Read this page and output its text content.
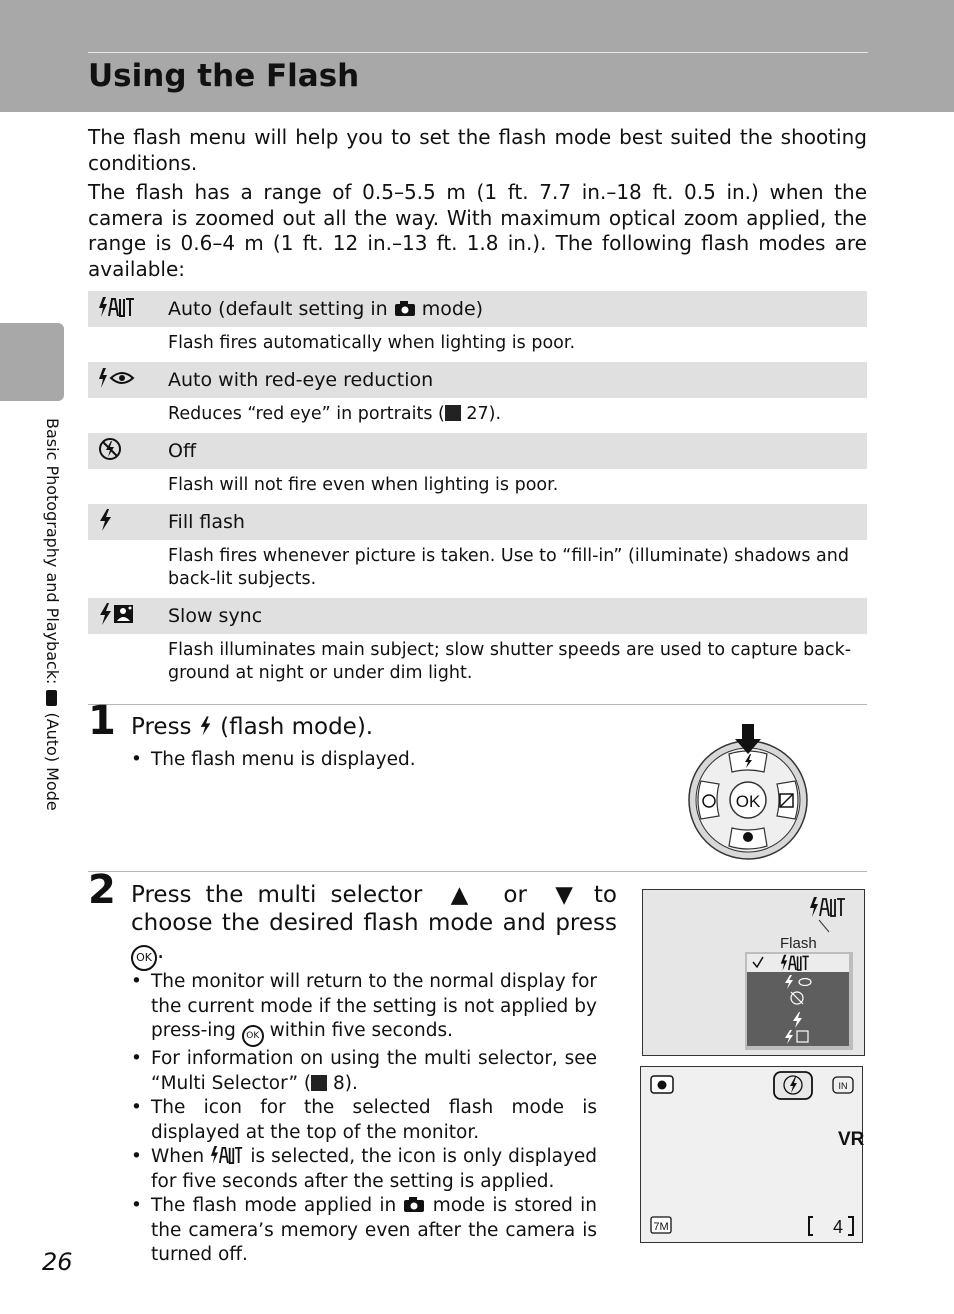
Using the Flash
Basic Photography and Playback:(Auto) Mode

The flash menu will help you to set the flash mode best suited the shooting conditions.

The flash has a range of 0.5–5.5 m (1 ft. 7.7 in.–18 ft. 0.5 in.) when the camera is zoomed out all the way. With maximum optical zoom applied, the range is 0.6–4 m (1 ft. 12 in.–13 ft. 1.8 in.). The following flash modes are available:

Auto (default setting in mode)
Flash fires automatically when lighting is poor.
Auto with red-eye reduction
Reduces “red eye” in portraits ( 27).
Off
Flash will not fire even when lighting is poor.
Fill flash
Flash fires whenever picture is taken. Use to “fill-in” (illuminate) shadows and back-lit subjects.
Slow sync
Flash illuminates main subject; slow shutter speeds are used to capture back-ground at night or under dim light.
1 Press (flash mode).

• The flash menu is displayed.
OK
2 Press the multi selector ▲ or ▼ to choose the desired flash mode and press OK .

• The monitor will return to the normal display for the current mode if the setting is not applied by press-ing OK within five seconds.
• For information on using the multi selector, see “Multi Selector” ( 8).
• The icon for the selected flash mode is displayed at the top of the monitor.
• When is selected, the icon is only displayed for five seconds after the setting is applied.
• The flash mode applied in mode is stored in the camera’s memory even after the camera is turned off.
Flash
IN
VR
7M	4
26
